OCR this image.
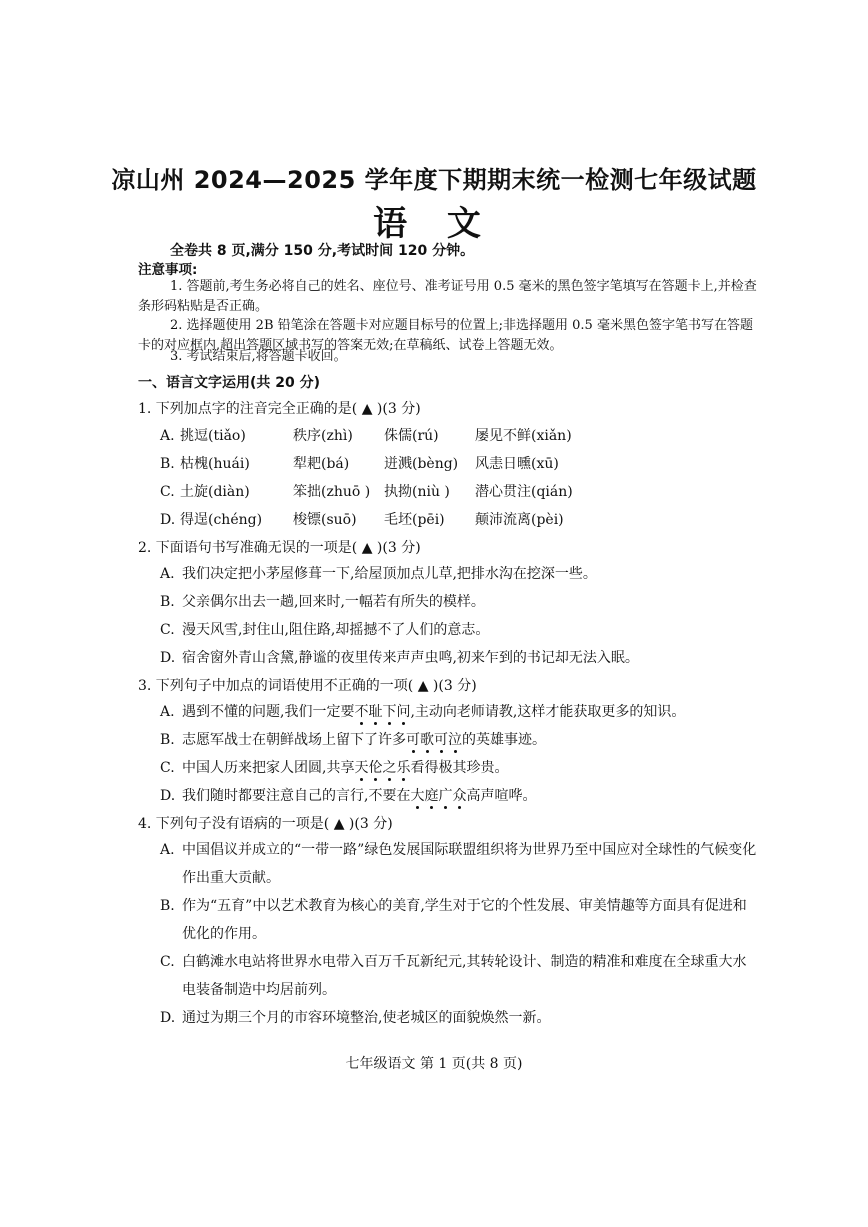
凉山州 2024—2025 学年度下期期末统一检测七年级试题
语 文
全卷共 8 页,满分 150 分,考试时间 120 分钟。
注意事项:
1. 答题前,考生务必将自己的姓名、座位号、准考证号用 0.5 毫米的黑色签字笔填写在答题卡上,并检查条形码粘贴是否正确。
2. 选择题使用 2B 铅笔涂在答题卡对应题目标号的位置上;非选择题用 0.5 毫米黑色签字笔书写在答题卡的对应框内,超出答题区域书写的答案无效;在草稿纸、试卷上答题无效。
3. 考试结束后,将答题卡收回。
一、语言文字运用(共 20 分)
1. 下列加点字的注音完全正确的是( ▲ )(3 分)
A. 挑逗(tiǎo)	秩序(zhì) 侏儒(rú)	屡见不鲜(xiǎn)
B. 枯槐(huái)	犁耙(bá) 迸溅(bèng) 风恚日曛(xū)
C. 土旋(diàn)	笨拙(zhuō ) 执拗(niù ) 潜心贯注(qián)
D. 得逞(chéng) 梭镖(suō) 毛坯(pēi) 颠沛流离(pèi)
2. 下面语句书写准确无误的一项是( ▲ )(3 分)
A. 我们决定把小茅屋修葺一下,给屋顶加点儿草,把排水沟在挖深一些。
B. 父亲偶尔出去一趟,回来时,一幅若有所失的模样。
C. 漫天风雪,封住山,阻住路,却摇撼不了人们的意志。
D. 宿舍窗外青山含黛,静谧的夜里传来声声虫鸣,初来乍到的书记却无法入眠。
3. 下列句子中加点的词语使用不正确的一项( ▲ )(3 分)
A. 遇到不懂的问题,我们一定要不耻下问,主动向老师请教,这样才能获取更多的知识。
B. 志愿军战士在朝鲜战场上留下了许多可歌可泣的英雄事迹。
C. 中国人历来把家人团圆,共享天伦之乐看得极其珍贵。
D. 我们随时都要注意自己的言行,不要在大庭广众高声喧哗。
4. 下列句子没有语病的一项是( ▲ )(3 分)
A. 中国倡议并成立的“一带一路”绿色发展国际联盟组织将为世界乃至中国应对全球性的气候变化作出重大贡献。
B. 作为“五育”中以艺术教育为核心的美育,学生对于它的个性发展、审美情趣等方面具有促进和优化的作用。
C. 白鹤滩水电站将世界水电带入百万千瓦新纪元,其转轮设计、制造的精准和难度在全球重大水电装备制造中均居前列。
D. 通过为期三个月的市容环境整治,使老城区的面貌焕然一新。
七年级语文 第 1 页(共 8 页)
